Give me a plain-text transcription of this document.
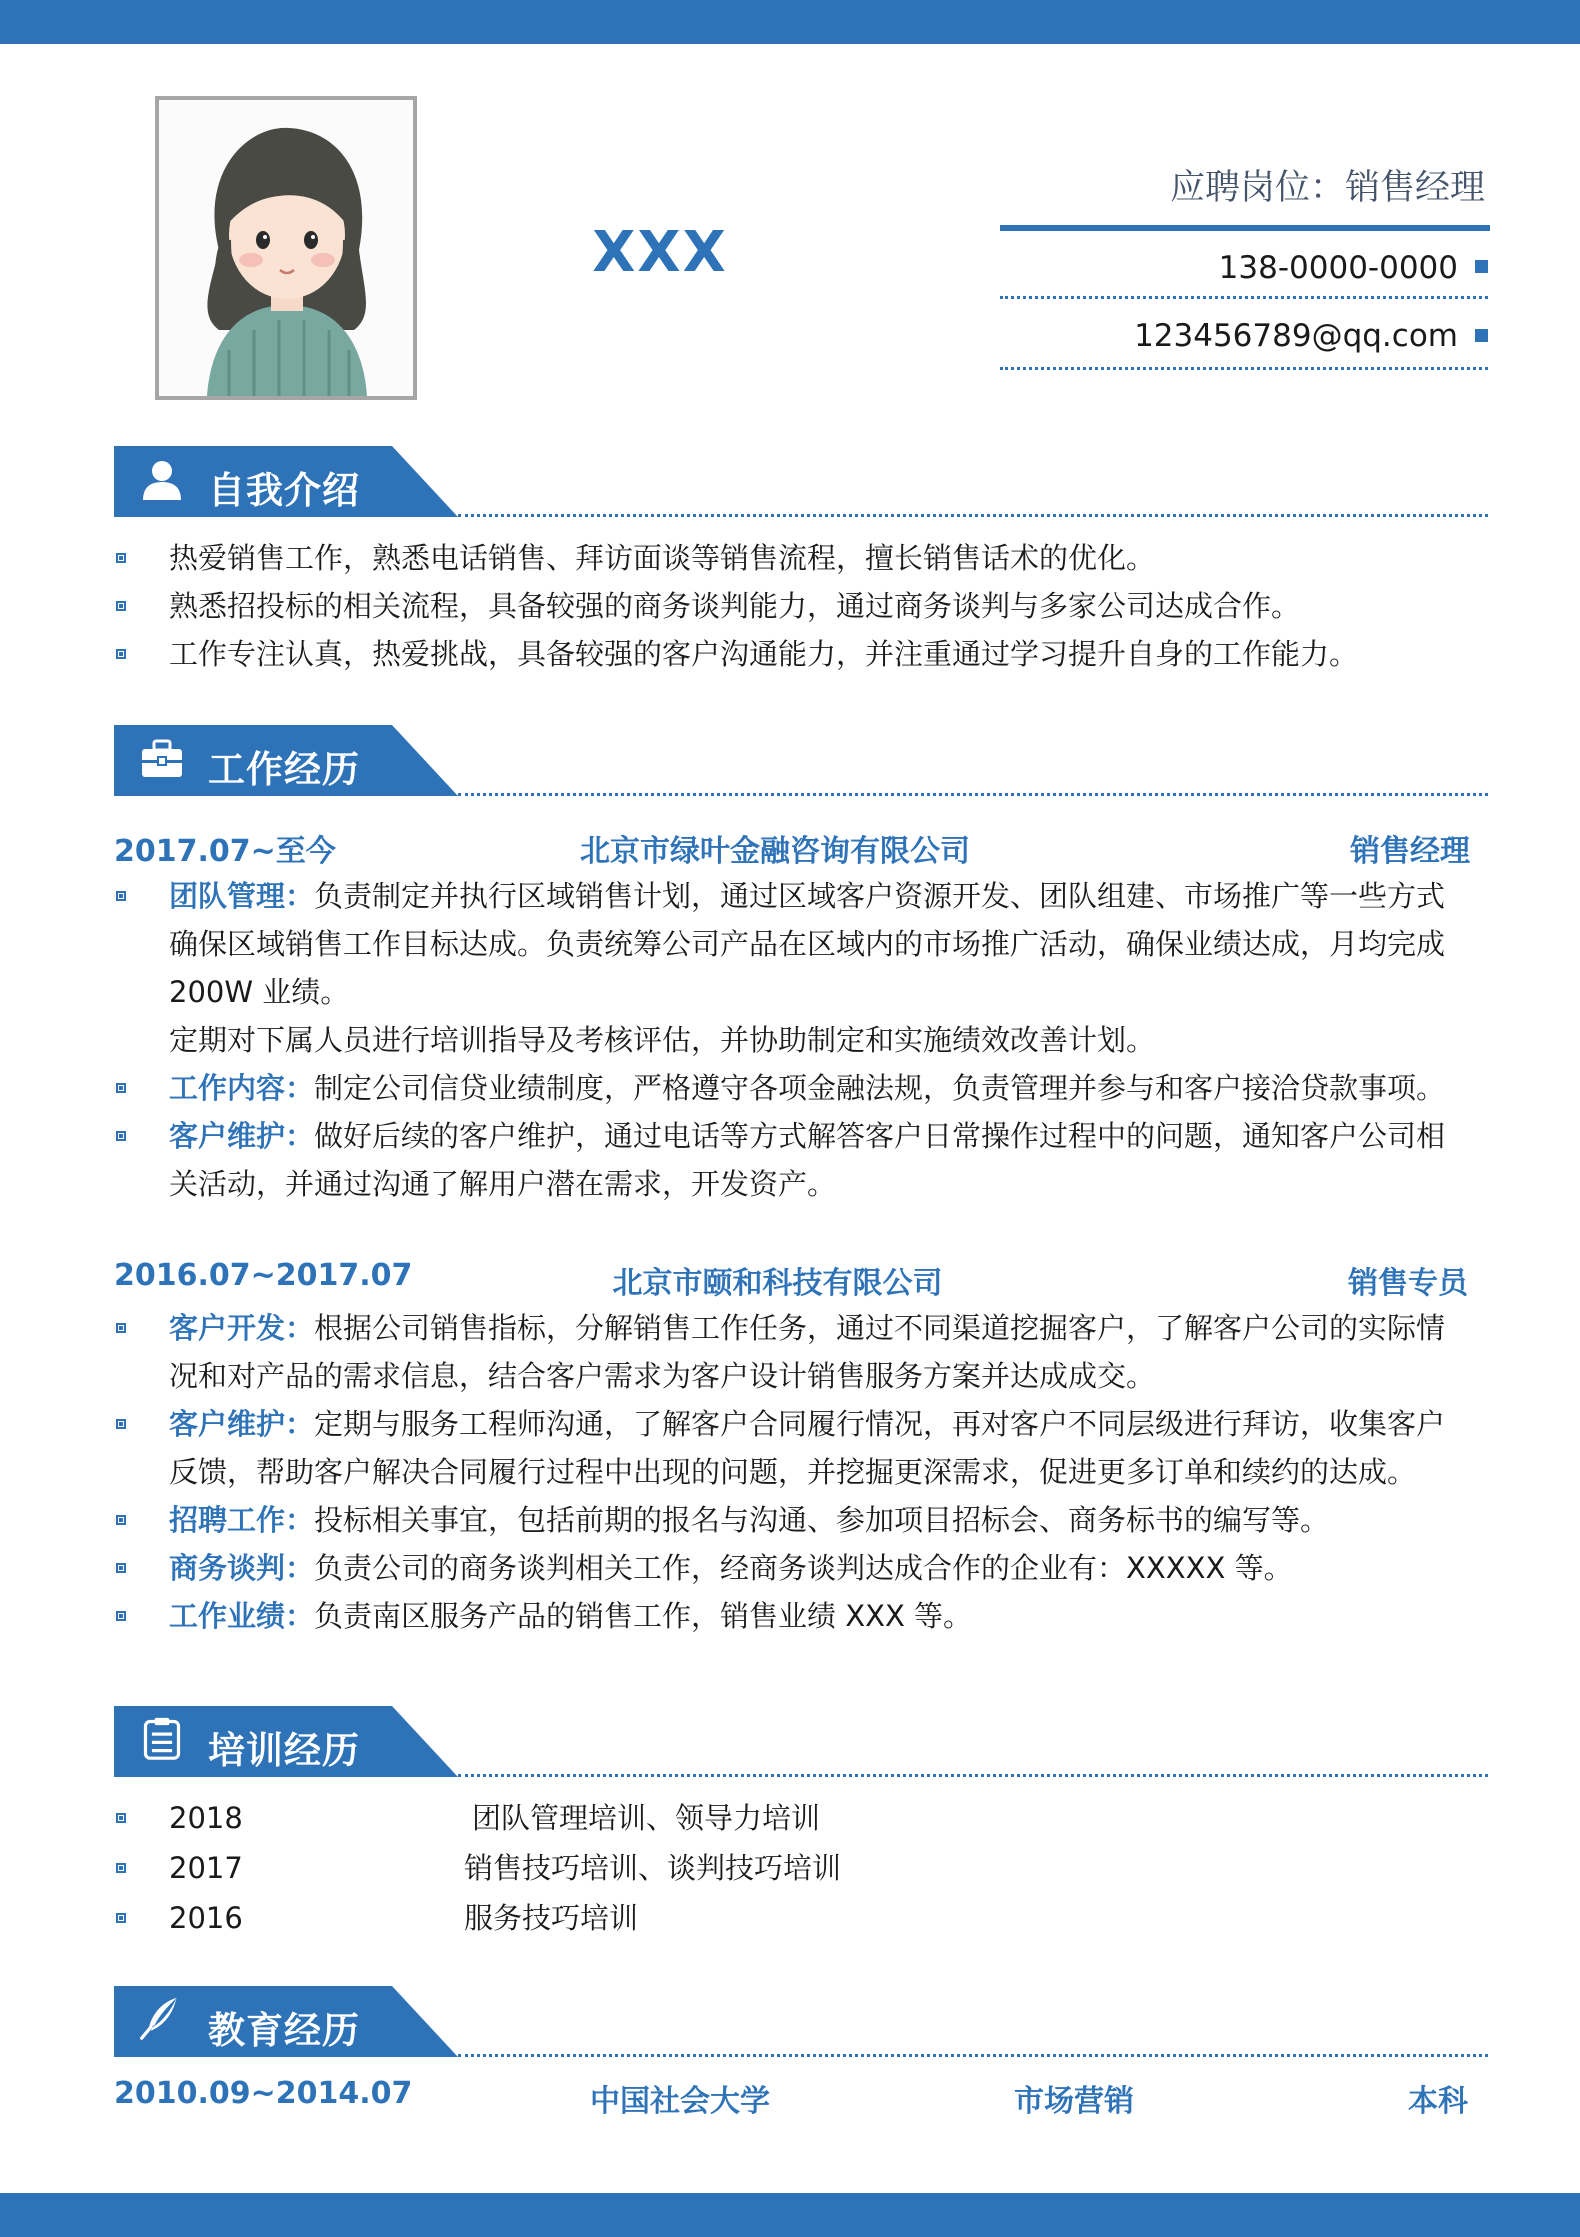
XXX
应聘岗位：销售经理
138-0000-0000
123456789@qq.com
自我介绍
热爱销售工作，熟悉电话销售、拜访面谈等销售流程，擅长销售话术的优化。
熟悉招投标的相关流程，具备较强的商务谈判能力，通过商务谈判与多家公司达成合作。
工作专注认真，热爱挑战，具备较强的客户沟通能力，并注重通过学习提升自身的工作能力。
工作经历
2017.07~至今	北京市绿叶金融咨询有限公司	销售经理
团队管理：负责制定并执行区域销售计划，通过区域客户资源开发、团队组建、市场推广等一些方式
确保区域销售工作目标达成。负责统筹公司产品在区域内的市场推广活动，确保业绩达成，月均完成
200W 业绩。
定期对下属人员进行培训指导及考核评估，并协助制定和实施绩效改善计划。
工作内容：制定公司信贷业绩制度，严格遵守各项金融法规，负责管理并参与和客户接洽贷款事项。
客户维护：做好后续的客户维护，通过电话等方式解答客户日常操作过程中的问题，通知客户公司相
关活动，并通过沟通了解用户潜在需求，开发资产。
2016.07~2017.07	北京市颐和科技有限公司	销售专员
客户开发：根据公司销售指标，分解销售工作任务，通过不同渠道挖掘客户，了解客户公司的实际情
况和对产品的需求信息，结合客户需求为客户设计销售服务方案并达成成交。
客户维护：定期与服务工程师沟通，了解客户合同履行情况，再对客户不同层级进行拜访，收集客户
反馈，帮助客户解决合同履行过程中出现的问题，并挖掘更深需求，促进更多订单和续约的达成。
招聘工作：投标相关事宜，包括前期的报名与沟通、参加项目招标会、商务标书的编写等。
商务谈判：负责公司的商务谈判相关工作，经商务谈判达成合作的企业有：XXXXX 等。
工作业绩：负责南区服务产品的销售工作，销售业绩 XXX 等。
培训经历
2018	团队管理培训、领导力培训
2017	销售技巧培训、谈判技巧培训
2016	服务技巧培训
教育经历
2010.09~2014.07	中国社会大学	市场营销	本科
